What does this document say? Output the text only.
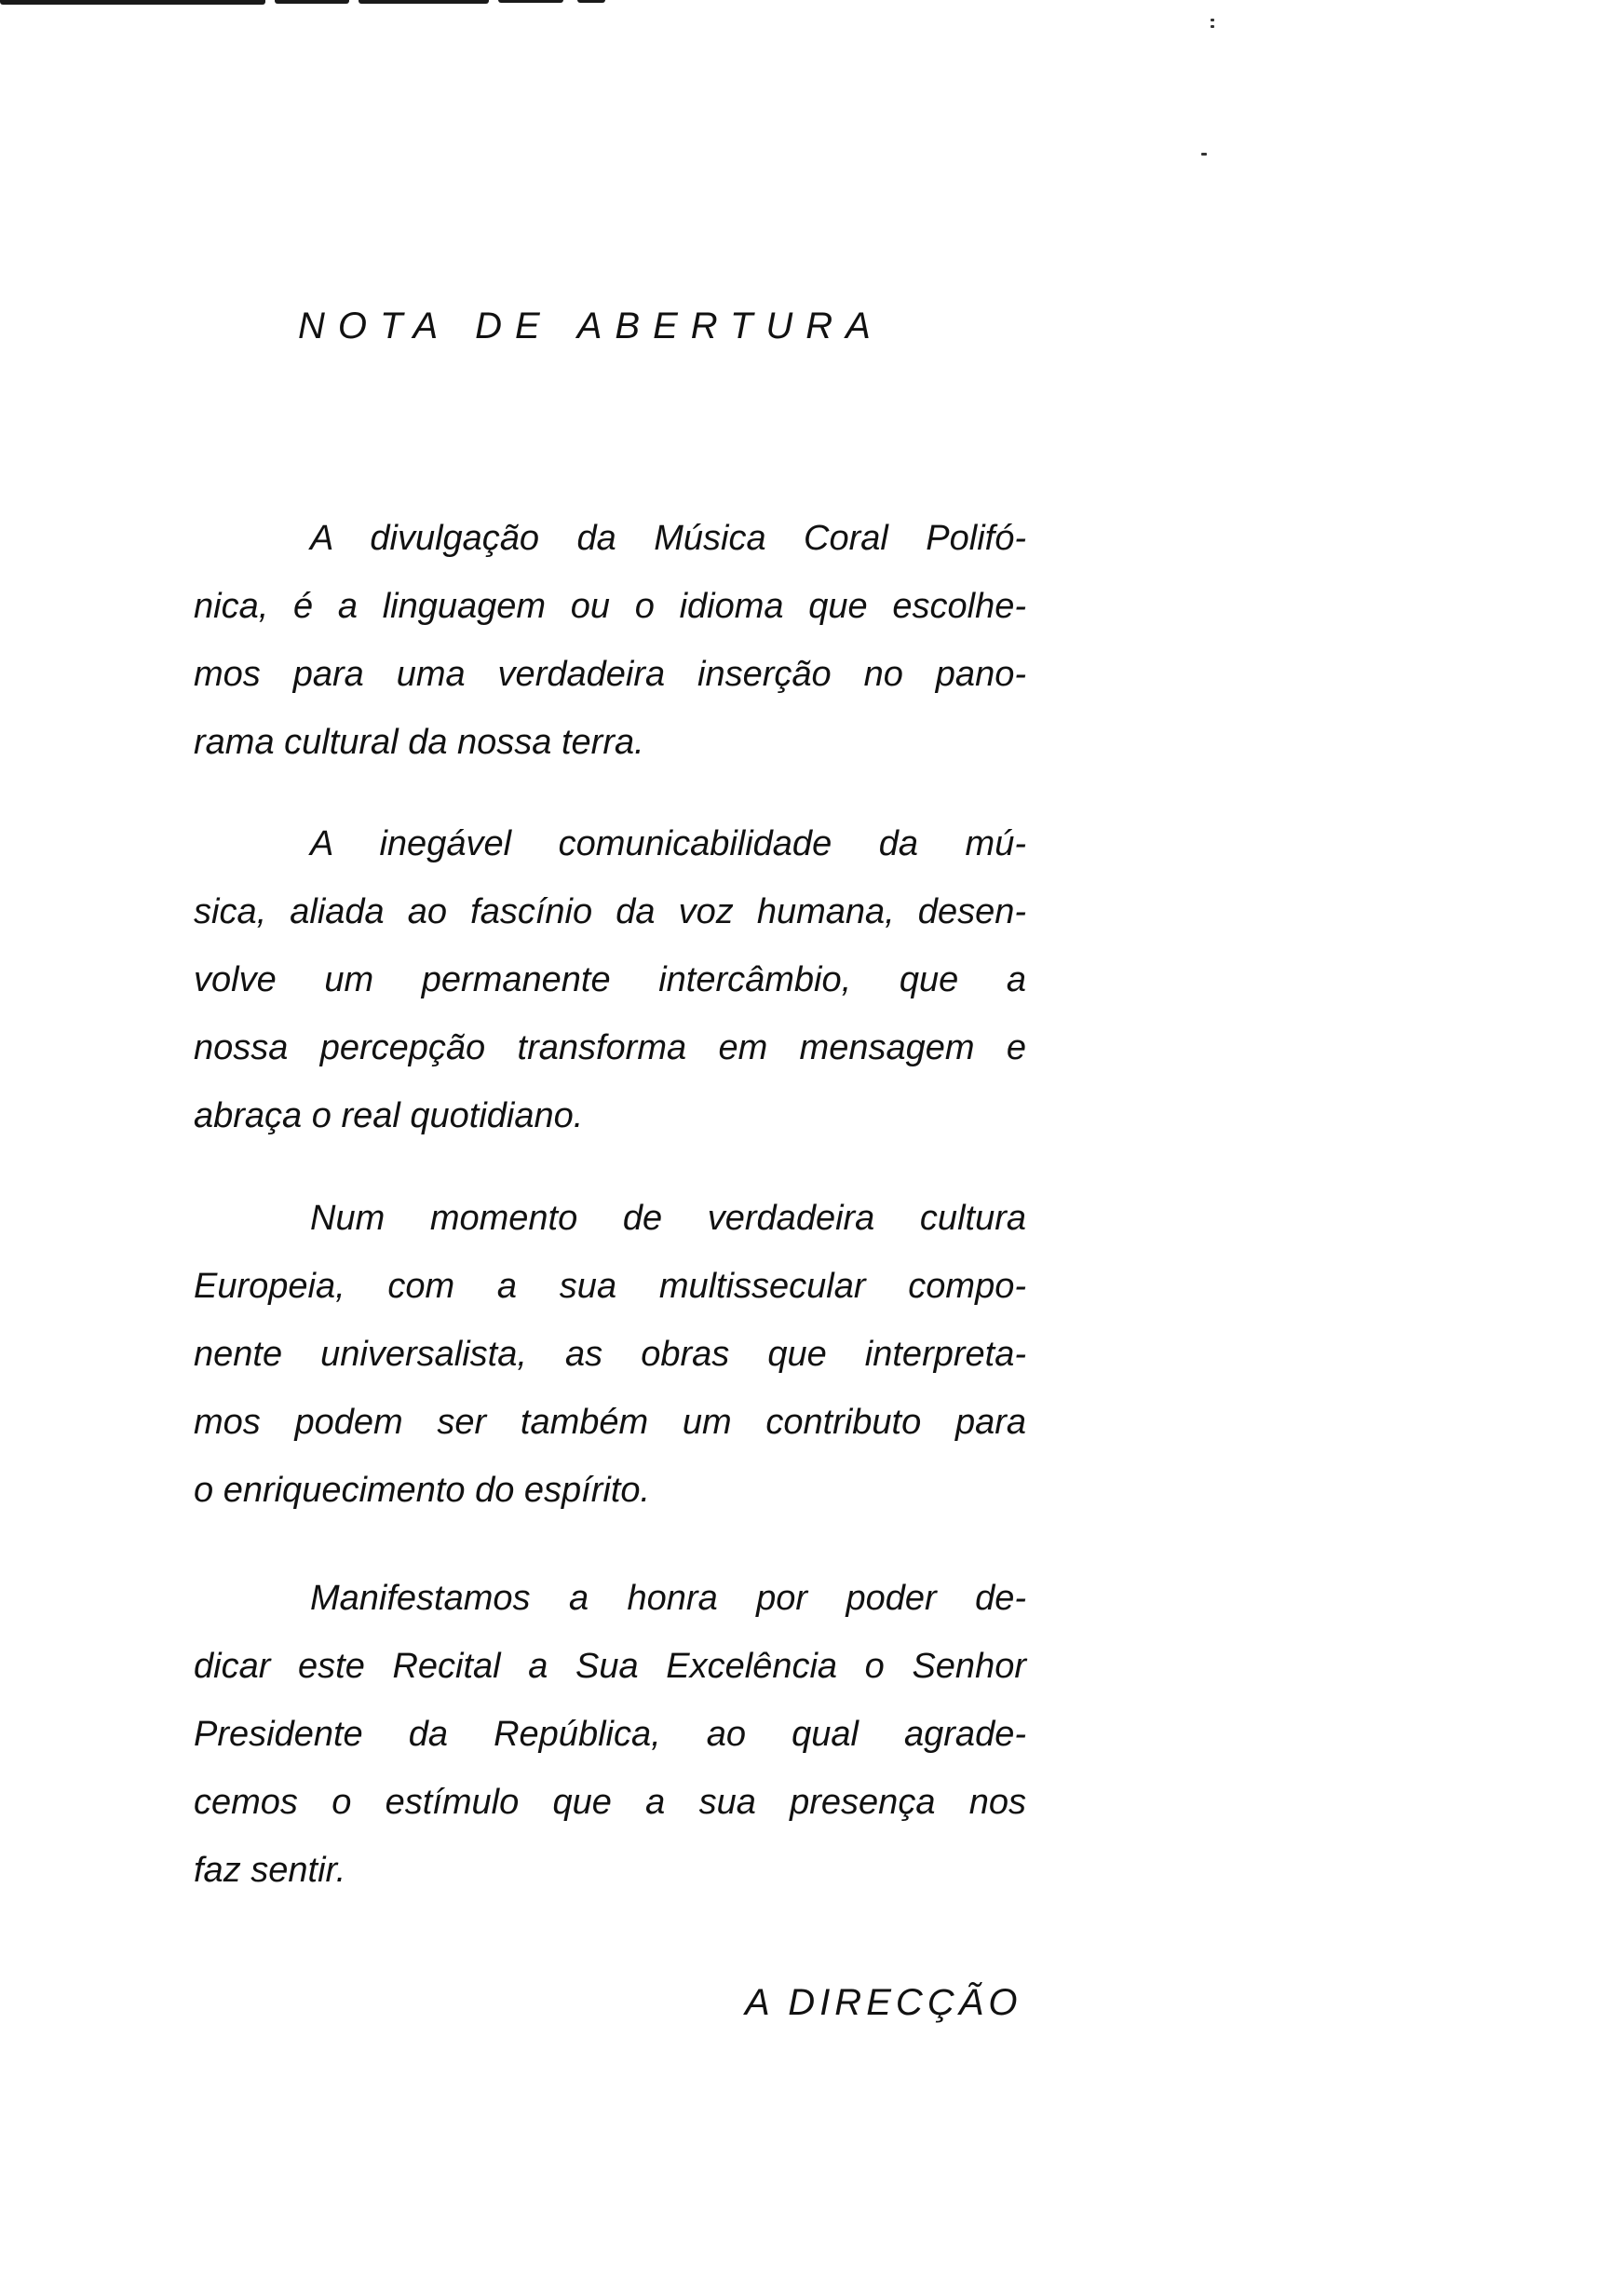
NOTA DE ABERTURA
A divulgação da Música Coral Polifó-
nica, é a linguagem ou o idioma que escolhe-
mos para uma verdadeira inserção no pano-
rama cultural da nossa terra.
A inegável comunicabilidade da mú-
sica, aliada ao fascínio da voz humana, desen-
volve um permanente intercâmbio, que a
nossa percepção transforma em mensagem e
abraça o real quotidiano.
Num momento de verdadeira cultura
Europeia, com a sua multissecular compo-
nente universalista, as obras que interpreta-
mos podem ser também um contributo para
o enriquecimento do espírito.
Manifestamos a honra por poder de-
dicar este Recital a Sua Excelência o Senhor
Presidente da República, ao qual agrade-
cemos o estímulo que a sua presença nos
faz sentir.
A DIRECÇÃO
